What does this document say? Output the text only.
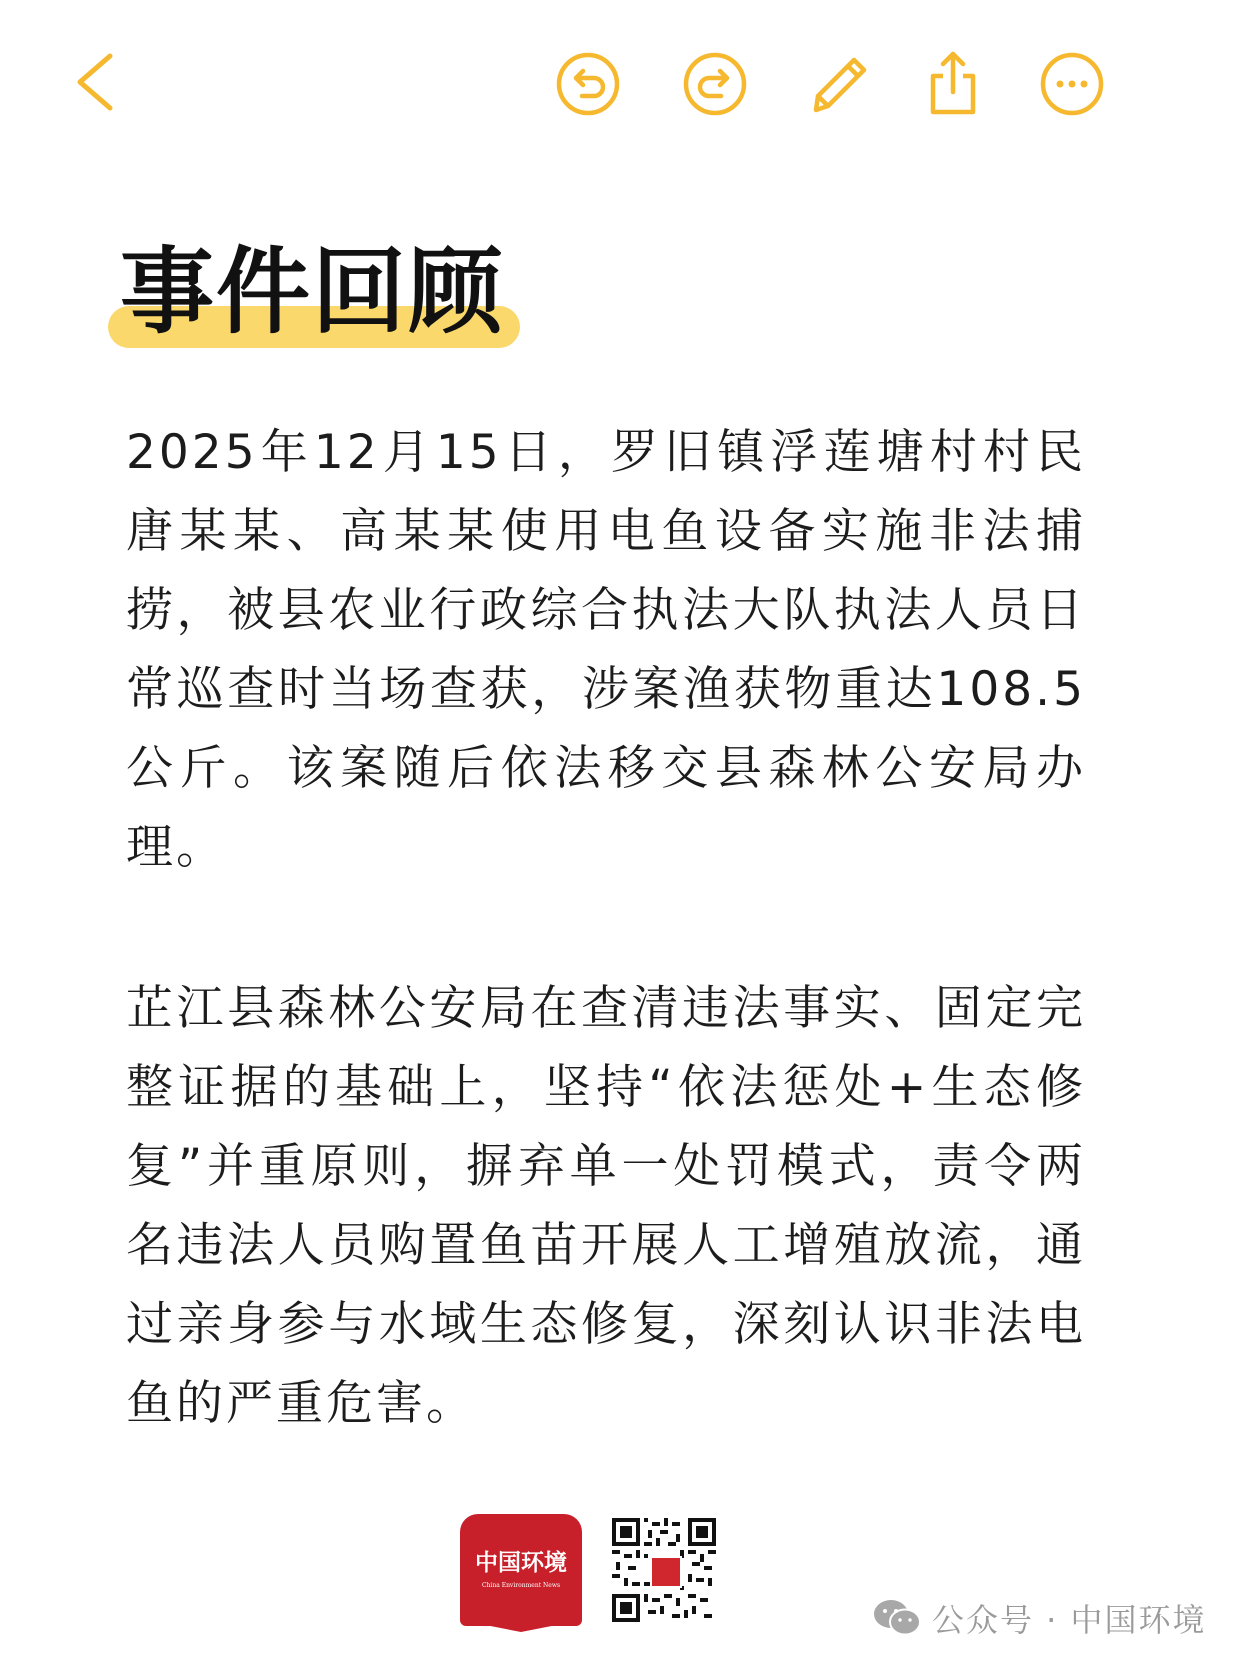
事件回顾

2025年12月15日，罗旧镇浮莲塘村村民唐某某、高某某使用电鱼设备实施非法捕捞，被县农业行政综合执法大队执法人员日常巡查时当场查获，涉案渔获物重达108.5公斤。该案随后依法移交县森林公安局办理。

芷江县森林公安局在查清违法事实、固定完整证据的基础上，坚持“依法惩处+生态修复”并重原则，摒弃单一处罚模式，责令两名违法人员购置鱼苗开展人工增殖放流，通过亲身参与水域生态修复，深刻认识非法电鱼的严重危害。

中国环境
China Environment News
公众号 · 中国环境
